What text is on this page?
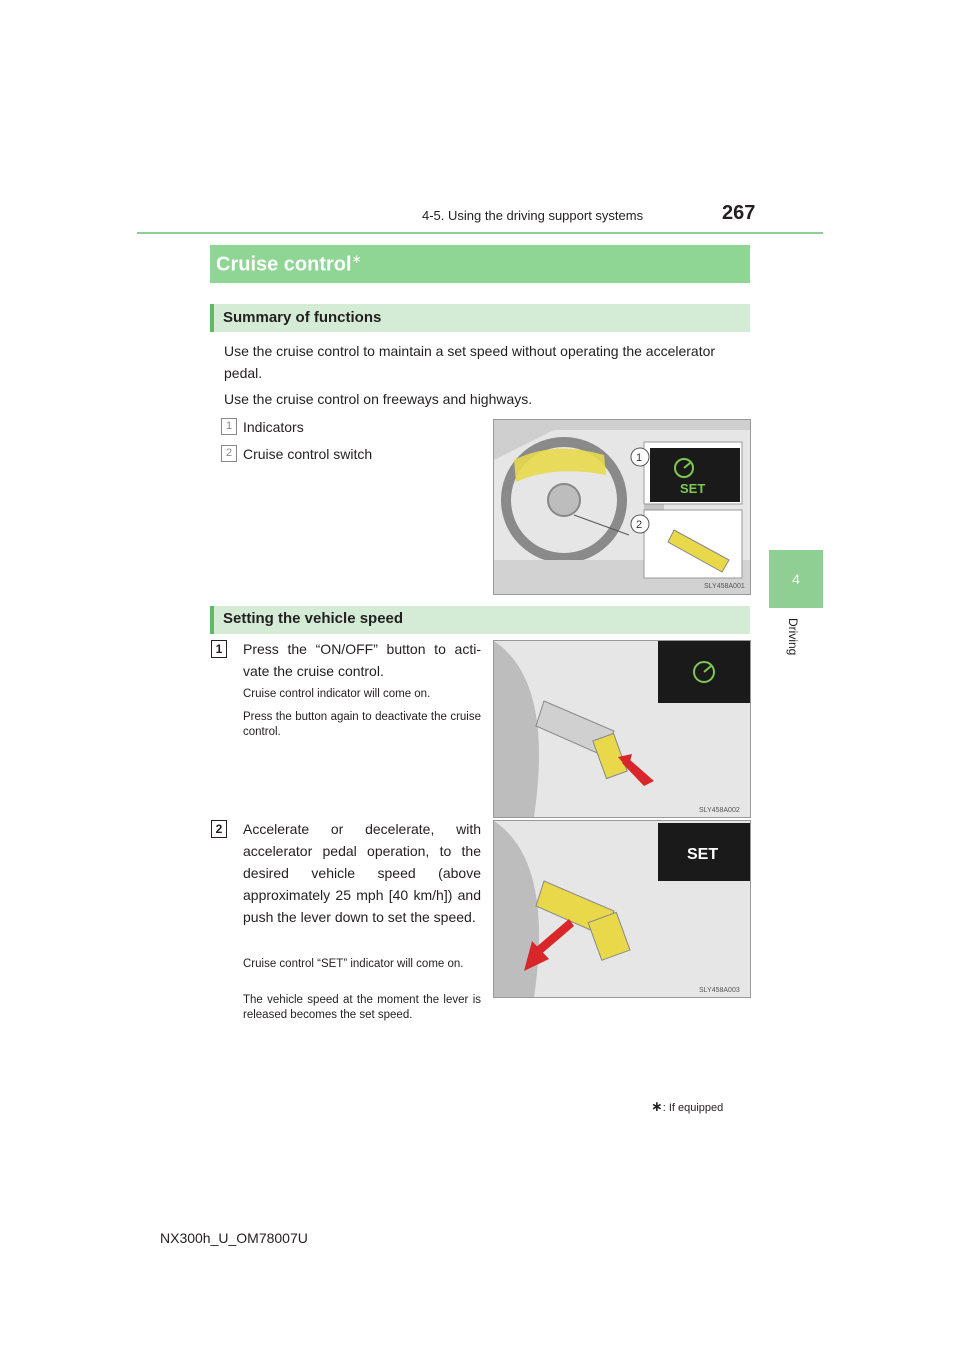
4-5. Using the driving support systems	267
4
Driving
Cruise control∗
Summary of functions
Use the cruise control to maintain a set speed without operating the accelerator pedal.
Use the cruise control on freeways and highways.
1 Indicators
2 Cruise control switch
SET
1
2
SLY458A001
Setting the vehicle speed
1	Press the “ON/OFF” button to acti- vate the cruise control.
Cruise control indicator will come on.
Press the button again to deactivate the cruise control.
SLY458A002
2	Accelerate or decelerate, with accelerator pedal operation, to the desired vehicle speed (above approximately 25 mph [40 km/h]) and push the lever down to set the speed.
Cruise control “SET” indicator will come on.
The vehicle speed at the moment the lever is released becomes the set speed.
SET
SLY458A003
∗: If equipped
NX300h_U_OM78007U
